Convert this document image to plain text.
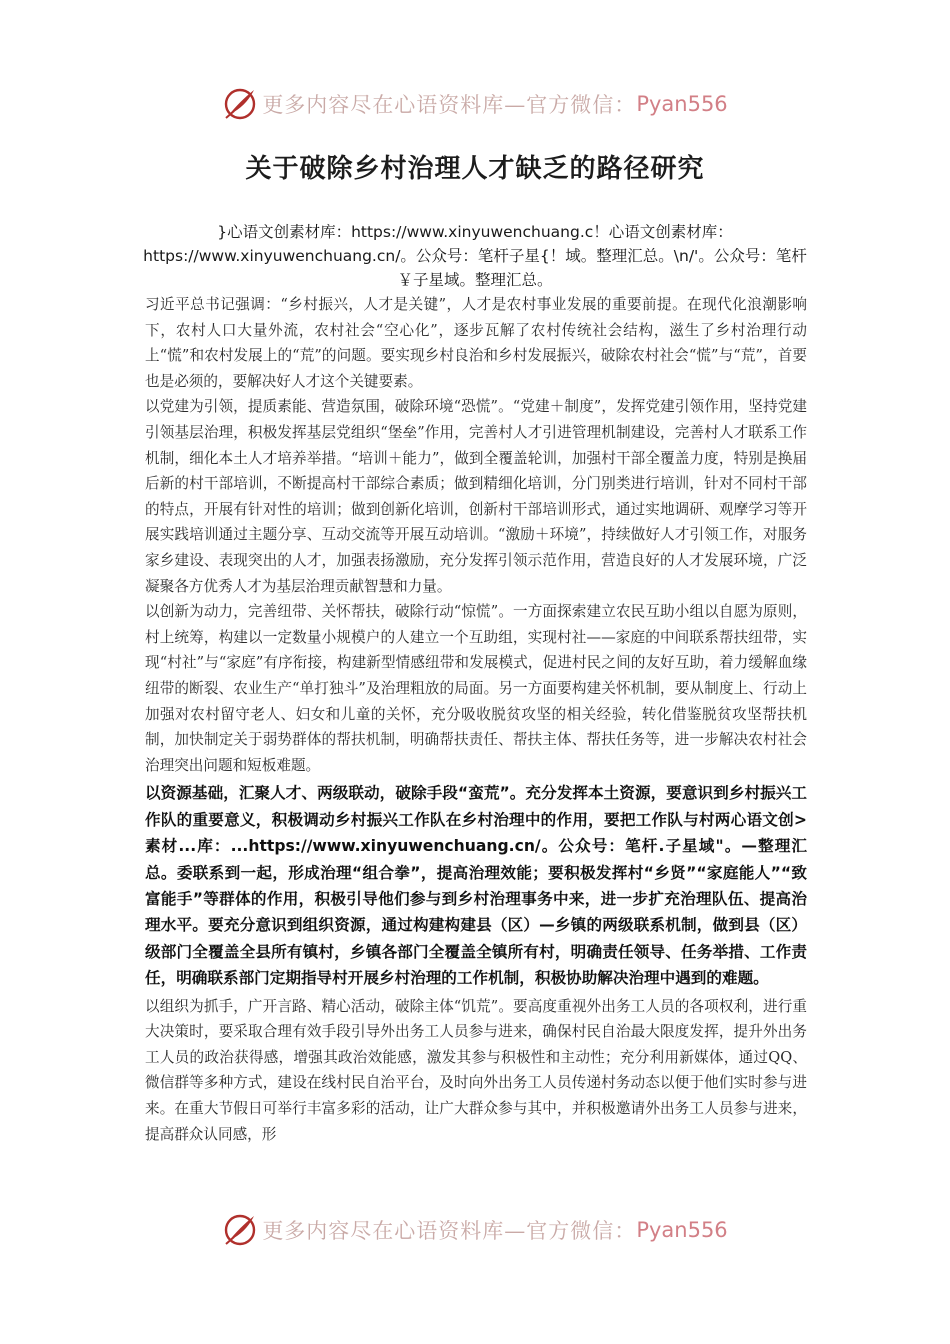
更多内容尽在心语资料库—官方微信： Pyan556
关于破除乡村治理人才缺乏的路径研究
}心语文创素材库：https://www.xinyuwenchuang.c！心语文创素材库：https://www.xinyuwenchuang.cn/。公众号：笔杆子星{！域。整理汇总。\n/'。公众号：笔杆￥子星域。整理汇总。

习近平总书记强调：“乡村振兴，人才是关键”，人才是农村事业发展的重要前提。在现代化浪潮影响下，农村人口大量外流，农村社会“空心化”，逐步瓦解了农村传统社会结构，滋生了乡村治理行动上“慌”和农村发展上的“荒”的问题。要实现乡村良治和乡村发展振兴，破除农村社会“慌”与“荒”，首要也是必须的，要解决好人才这个关键要素。

以党建为引领，提质素能、营造氛围，破除环境“恐慌”。“党建＋制度”，发挥党建引领作用，坚持党建引领基层治理，积极发挥基层党组织“堡垒”作用，完善村人才引进管理机制建设，完善村人才联系工作机制，细化本土人才培养举措。“培训＋能力”，做到全覆盖轮训，加强村干部全覆盖力度，特别是换届后新的村干部培训，不断提高村干部综合素质；做到精细化培训，分门别类进行培训，针对不同村干部的特点，开展有针对性的培训；做到创新化培训，创新村干部培训形式，通过实地调研、观摩学习等开展实践培训通过主题分享、互动交流等开展互动培训。“激励＋环境”，持续做好人才引领工作，对服务家乡建设、表现突出的人才，加强表扬激励，充分发挥引领示范作用，营造良好的人才发展环境，广泛凝聚各方优秀人才为基层治理贡献智慧和力量。

以创新为动力，完善纽带、关怀帮扶，破除行动“惊慌”。一方面探索建立农民互助小组以自愿为原则，村上统筹，构建以一定数量小规模户的人建立一个互助组，实现村社——家庭的中间联系帮扶纽带，实现“村社”与“家庭”有序衔接，构建新型情感纽带和发展模式，促进村民之间的友好互助，着力缓解血缘纽带的断裂、农业生产“单打独斗”及治理粗放的局面。另一方面要构建关怀机制，要从制度上、行动上加强对农村留守老人、妇女和儿童的关怀，充分吸收脱贫攻坚的相关经验，转化借鉴脱贫攻坚帮扶机制，加快制定关于弱势群体的帮扶机制，明确帮扶责任、帮扶主体、帮扶任务等，进一步解决农村社会治理突出问题和短板难题。

以资源基础，汇聚人才、两级联动，破除手段“蛮荒”。充分发挥本土资源，要意识到乡村振兴工作队的重要意义，积极调动乡村振兴工作队在乡村治理中的作用，要把工作队与村两心语文创>素材...库：...https://www.xinyuwenchuang.cn/。公众号：笔杆.子星域"。—整理汇总。委联系到一起，形成治理“组合拳”，提高治理效能；要积极发挥村“乡贤”“家庭能人”“致富能手”等群体的作用，积极引导他们参与到乡村治理事务中来，进一步扩充治理队伍、提高治理水平。要充分意识到组织资源，通过构建构建县（区）—乡镇的两级联系机制，做到县（区）级部门全覆盖全县所有镇村，乡镇各部门全覆盖全镇所有村，明确责任领导、任务举措、工作责任，明确联系部门定期指导村开展乡村治理的工作机制，积极协助解决治理中遇到的难题。

以组织为抓手，广开言路、精心活动，破除主体“饥荒”。要高度重视外出务工人员的各项权利，进行重大决策时，要采取合理有效手段引导外出务工人员参与进来，确保村民自治最大限度发挥，提升外出务工人员的政治获得感，增强其政治效能感，激发其参与积极性和主动性；充分利用新媒体，通过QQ、微信群等多种方式，建设在线村民自治平台，及时向外出务工人员传递村务动态以便于他们实时参与进来。在重大节假日可举行丰富多彩的活动，让广大群众参与其中，并积极邀请外出务工人员参与进来，提高群众认同感，形

更多内容尽在心语资料库—官方微信： Pyan556
